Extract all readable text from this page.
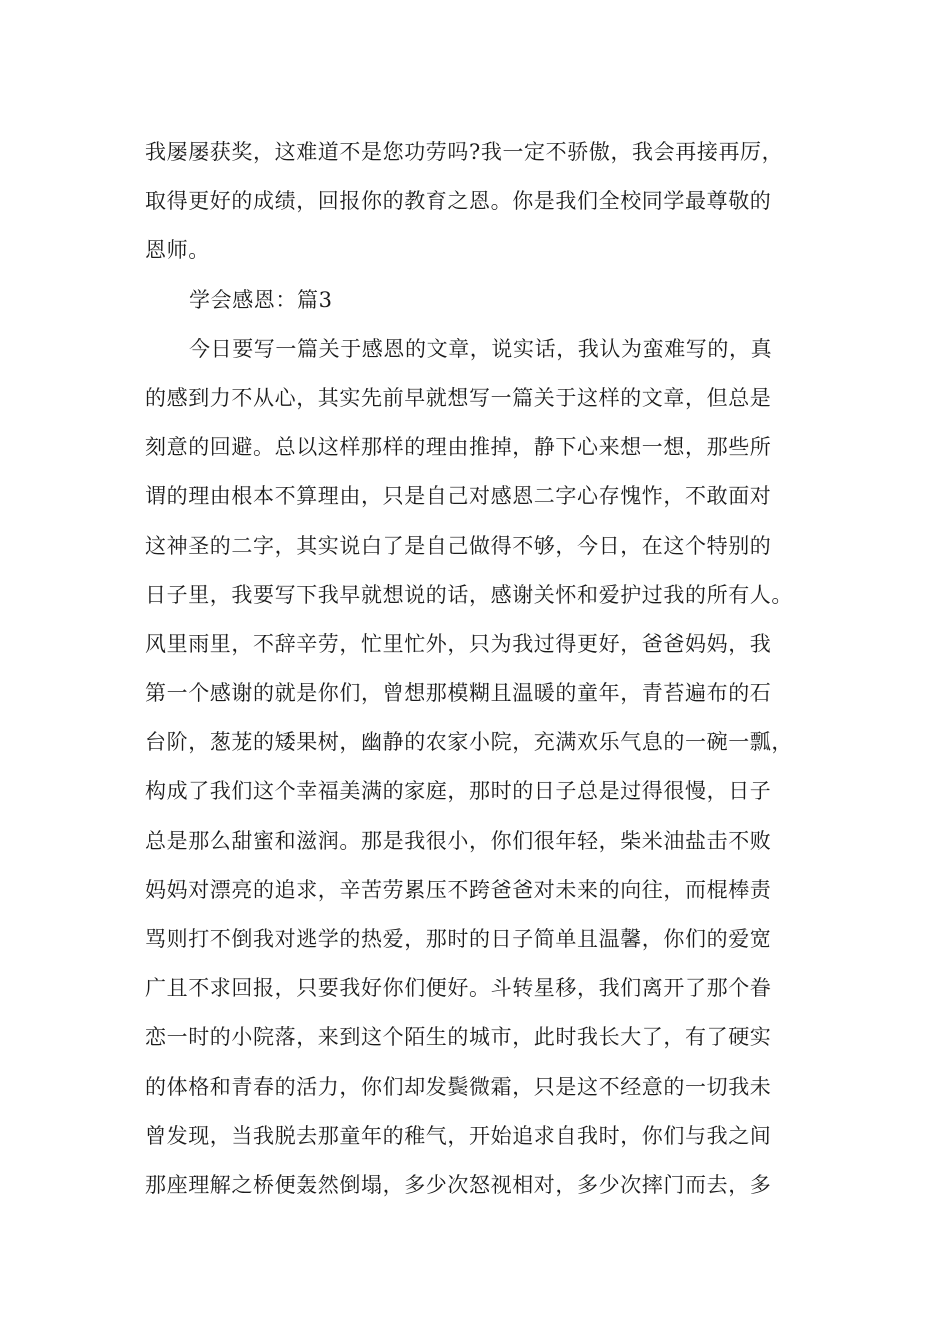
我屡屡获奖，这难道不是您功劳吗?我一定不骄傲，我会再接再厉，
取得更好的成绩，回报你的教育之恩。你是我们全校同学最尊敬的
恩师。
学会感恩：篇3
今日要写一篇关于感恩的文章，说实话，我认为蛮难写的，真
的感到力不从心，其实先前早就想写一篇关于这样的文章，但总是
刻意的回避。总以这样那样的理由推掉，静下心来想一想，那些所
谓的理由根本不算理由，只是自己对感恩二字心存愧怍，不敢面对
这神圣的二字，其实说白了是自己做得不够，今日，在这个特别的
日子里，我要写下我早就想说的话，感谢关怀和爱护过我的所有人。
风里雨里，不辞辛劳，忙里忙外，只为我过得更好，爸爸妈妈，我
第一个感谢的就是你们，曾想那模糊且温暖的童年，青苔遍布的石
台阶，葱茏的矮果树，幽静的农家小院，充满欢乐气息的一碗一瓢，
构成了我们这个幸福美满的家庭，那时的日子总是过得很慢，日子
总是那么甜蜜和滋润。那是我很小，你们很年轻，柴米油盐击不败
妈妈对漂亮的追求，辛苦劳累压不跨爸爸对未来的向往，而棍棒责
骂则打不倒我对逃学的热爱，那时的日子简单且温馨，你们的爱宽
广且不求回报，只要我好你们便好。斗转星移，我们离开了那个眷
恋一时的小院落，来到这个陌生的城市，此时我长大了，有了硬实
的体格和青春的活力，你们却发鬓微霜，只是这不经意的一切我未
曾发现，当我脱去那童年的稚气，开始追求自我时，你们与我之间
那座理解之桥便轰然倒塌，多少次怒视相对，多少次摔门而去，多
